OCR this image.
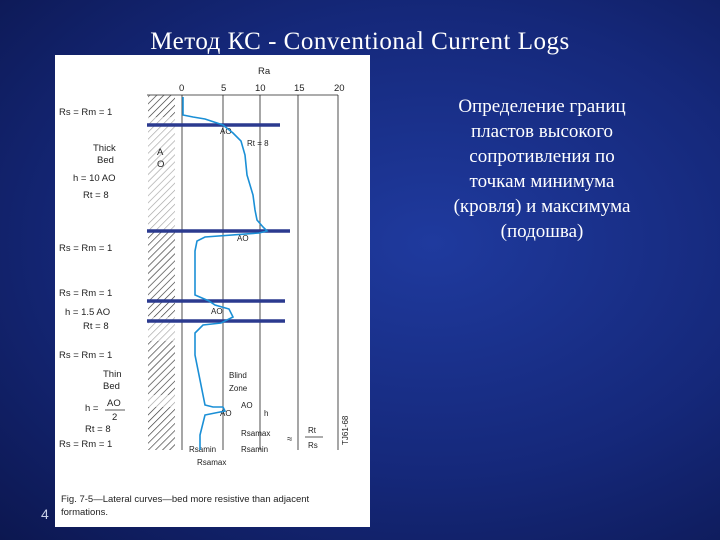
Метод КС - Conventional Current Logs
Ra
0	5	10	15	20
Rs = Rm = 1
Thick
Bed
h = 10 AO
Rt = 8
A
O
Rs = Rm = 1
Rs = Rm = 1
h = 1.5 AO
Rt = 8
Rs = Rm = 1
Thin
Bed
h = AO
2
Rt = 8
Rs = Rm = 1
AO
Rt = 8
AO
AO
Blind
Zone
AO
AO	h
Rsamax
Rsamin
Rsamin
Rsamax
≈
Rt
Rs
TJ61-68
Fig. 7-5—Lateral curves—bed more resistive than adjacent
formations.
Определение границ
пластов высокого
сопротивления по
точкам минимума
(кровля) и максимума
(подошва)
4
